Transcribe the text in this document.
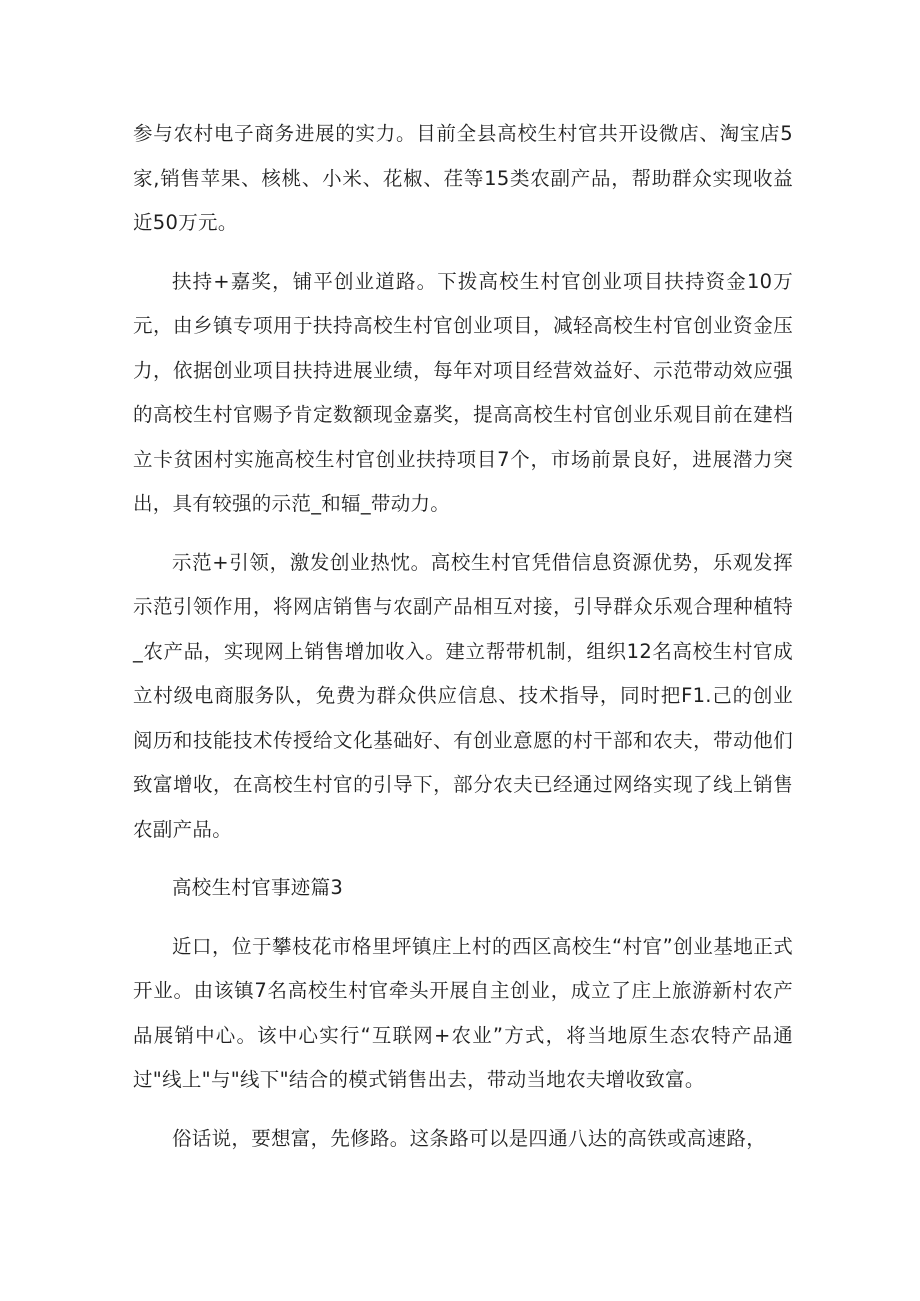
参与农村电子商务进展的实力。目前全县高校生村官共开设微店、淘宝店5家,销售苹果、核桃、小米、花椒、荏等15类农副产品，帮助群众实现收益近50万元。

扶持+嘉奖，铺平创业道路。下拨高校生村官创业项目扶持资金10万元，由乡镇专项用于扶持高校生村官创业项目，减轻高校生村官创业资金压力，依据创业项目扶持进展业绩，每年对项目经营效益好、示范带动效应强的高校生村官赐予肯定数额现金嘉奖，提高高校生村官创业乐观目前在建档立卡贫困村实施高校生村官创业扶持项目7个，市场前景良好，进展潜力突出，具有较强的示范_和辐_带动力。

示范+引领，激发创业热忱。高校生村官凭借信息资源优势，乐观发挥示范引领作用，将网店销售与农副产品相互对接，引导群众乐观合理种植特_农产品，实现网上销售增加收入。建立帮带机制，组织12名高校生村官成立村级电商服务队，免费为群众供应信息、技术指导，同时把F1.己的创业阅历和技能技术传授给文化基础好、有创业意愿的村干部和农夫，带动他们致富增收，在高校生村官的引导下，部分农夫已经通过网络实现了线上销售农副产品。

高校生村官事迹篇3

近口，位于攀枝花市格里坪镇庄上村的西区高校生“村官”创业基地正式开业。由该镇7名高校生村官牵头开展自主创业，成立了庄上旅游新村农产品展销中心。该中心实行“互联网+农业”方式，将当地原生态农特产品通过"线上"与"线下"结合的模式销售出去，带动当地农夫增收致富。

俗话说，要想富，先修路。这条路可以是四通八达的高铁或高速路，
